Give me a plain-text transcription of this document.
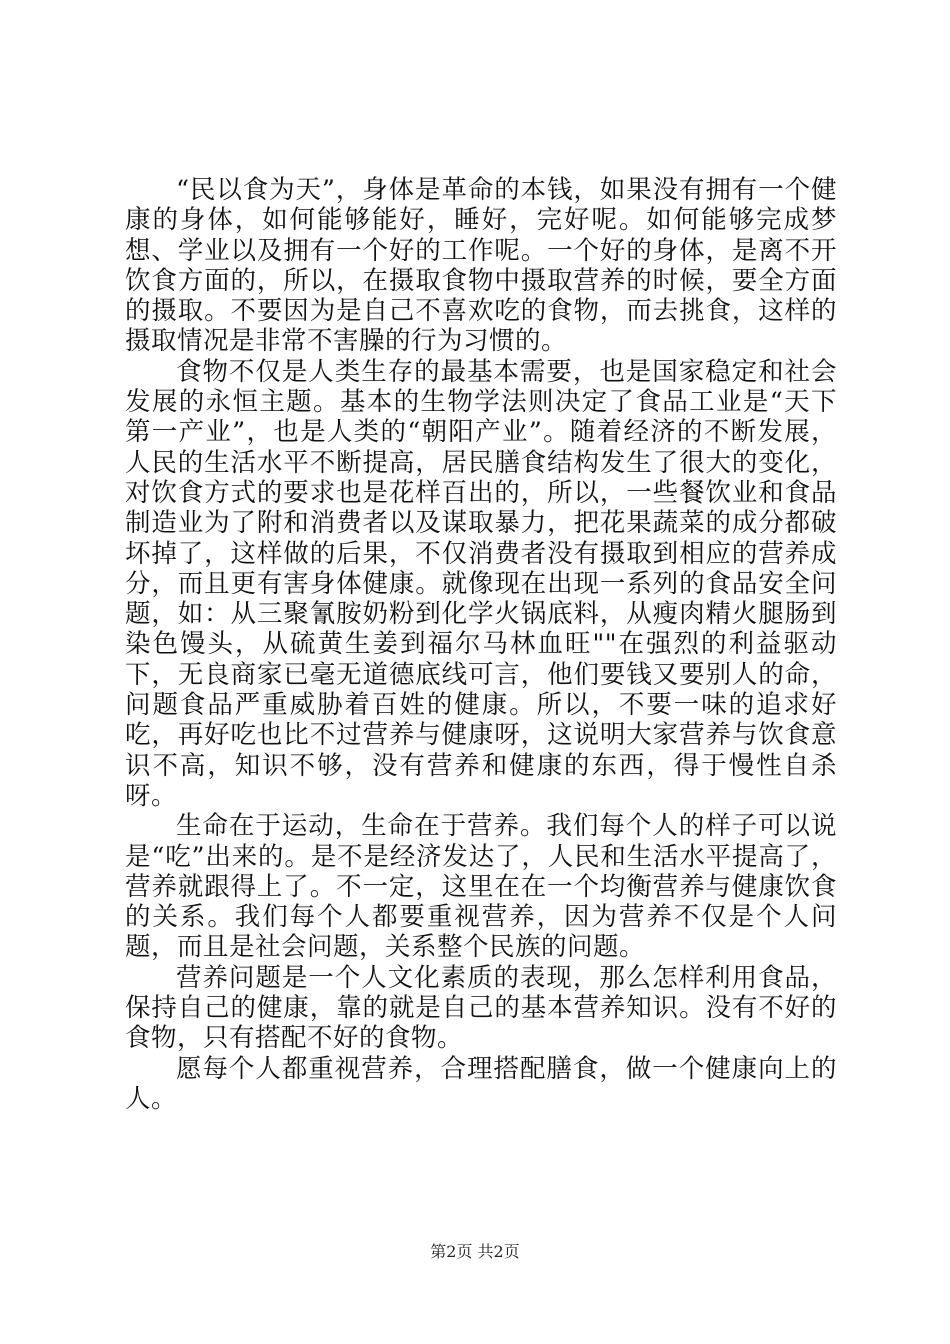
“民以食为天”，身体是革命的本钱，如果没有拥有一个健康的身体，如何能够能好，睡好，完好呢。如何能够完成梦想、学业以及拥有一个好的工作呢。一个好的身体，是离不开饮食方面的，所以，在摄取食物中摄取营养的时候，要全方面的摄取。不要因为是自己不喜欢吃的食物，而去挑食，这样的摄取情况是非常不害臊的行为习惯的。

食物不仅是人类生存的最基本需要，也是国家稳定和社会发展的永恒主题。基本的生物学法则决定了食品工业是“天下第一产业”，也是人类的“朝阳产业”。随着经济的不断发展，人民的生活水平不断提高，居民膳食结构发生了很大的变化，对饮食方式的要求也是花样百出的，所以，一些餐饮业和食品制造业为了附和消费者以及谋取暴力，把花果蔬菜的成分都破坏掉了，这样做的后果，不仅消费者没有摄取到相应的营养成分，而且更有害身体健康。就像现在出现一系列的食品安全问题，如：从三聚氰胺奶粉到化学火锅底料，从瘦肉精火腿肠到染色馒头，从硫黄生姜到福尔马林血旺""在强烈的利益驱动下，无良商家已毫无道德底线可言，他们要钱又要别人的命，问题食品严重威胁着百姓的健康。所以，不要一味的追求好吃，再好吃也比不过营养与健康呀，这说明大家营养与饮食意识不高，知识不够，没有营养和健康的东西，得于慢性自杀呀。

生命在于运动，生命在于营养。我们每个人的样子可以说是“吃”出来的。是不是经济发达了，人民和生活水平提高了，营养就跟得上了。不一定，这里在在一个均衡营养与健康饮食的关系。我们每个人都要重视营养，因为营养不仅是个人问题，而且是社会问题，关系整个民族的问题。

营养问题是一个人文化素质的表现，那么怎样利用食品，保持自己的健康，靠的就是自己的基本营养知识。没有不好的食物，只有搭配不好的食物。

愿每个人都重视营养，合理搭配膳食，做一个健康向上的人。

第2页 共2页
